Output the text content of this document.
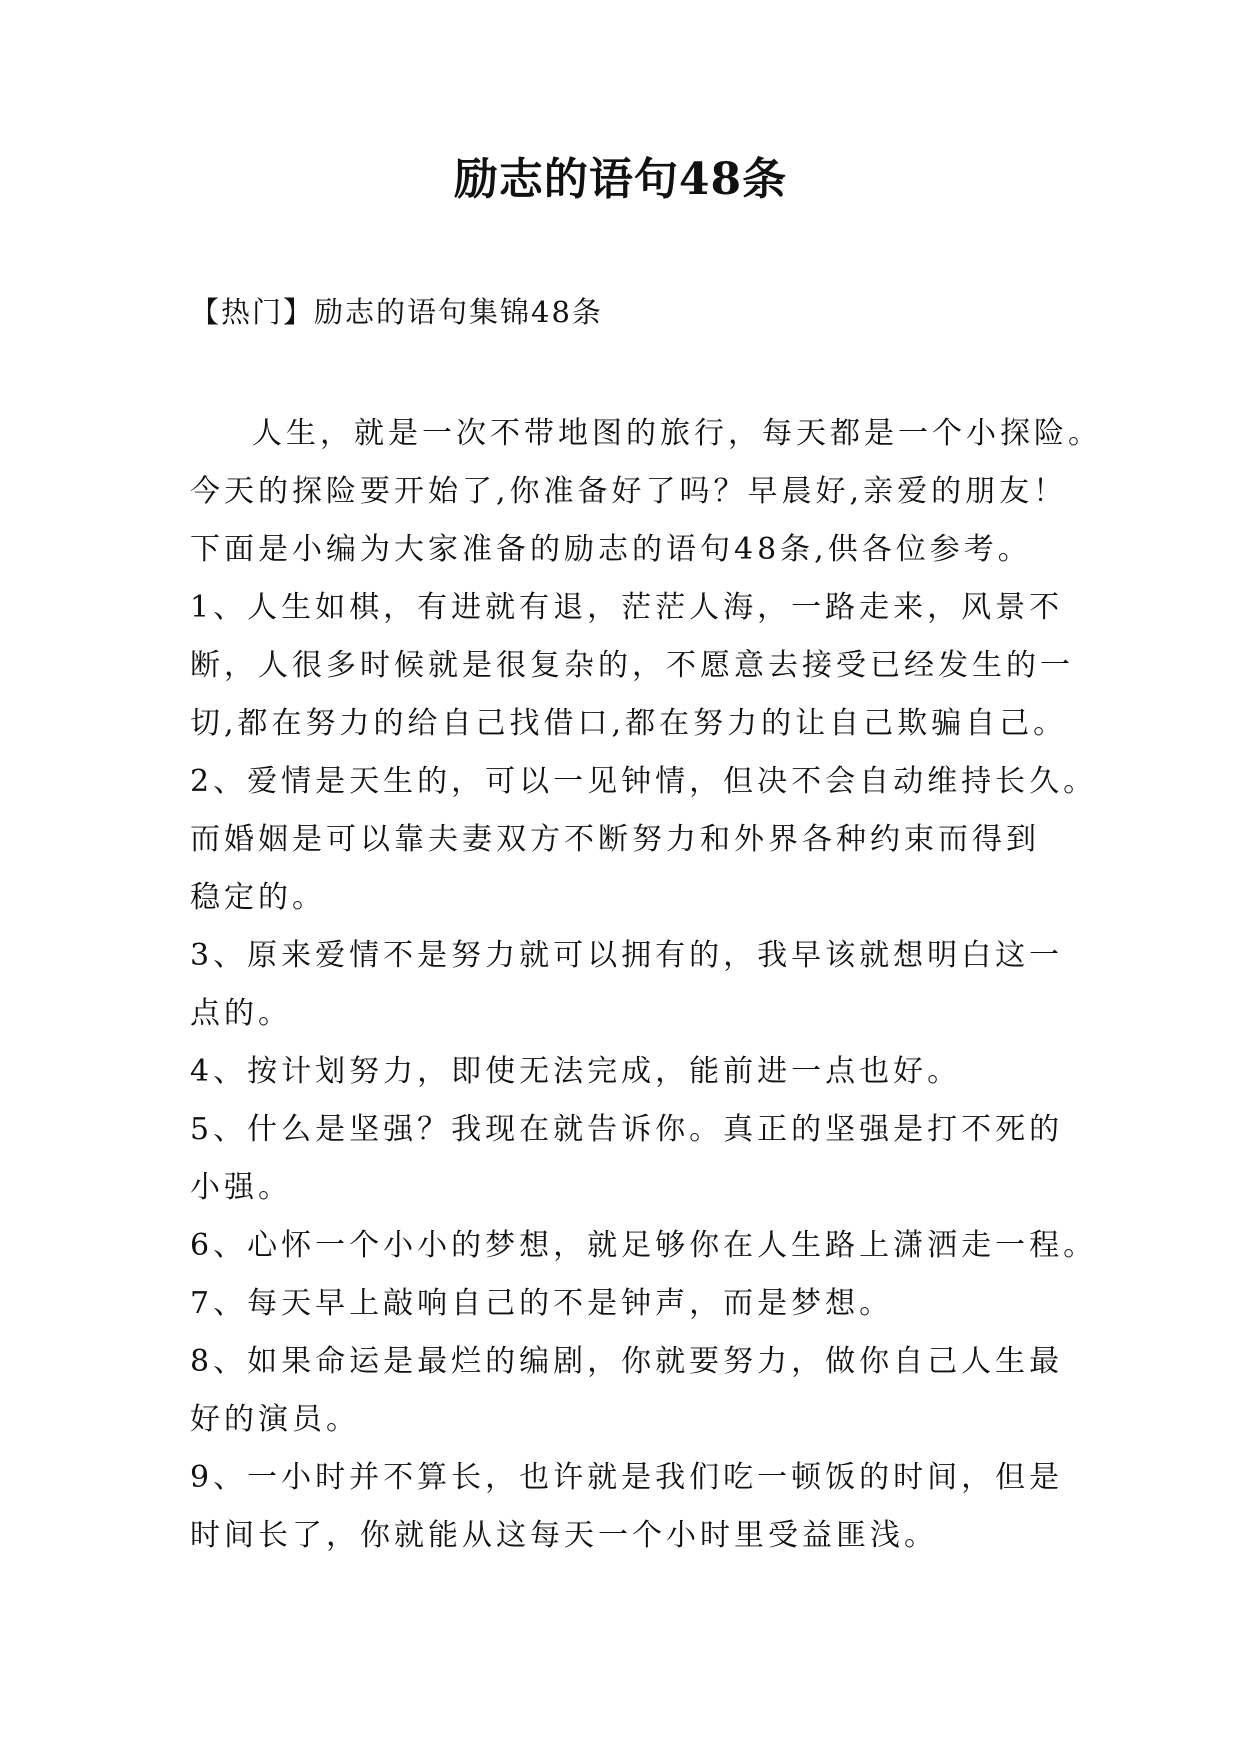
励志的语句48条

【热门】励志的语句集锦48条

人生，就是一次不带地图的旅行，每天都是一个小探险。
今天的探险要开始了,你准备好了吗？早晨好,亲爱的朋友！
下面是小编为大家准备的励志的语句48条,供各位参考。
1、人生如棋，有进就有退，茫茫人海，一路走来，风景不
断，人很多时候就是很复杂的，不愿意去接受已经发生的一
切,都在努力的给自己找借口,都在努力的让自己欺骗自己。
2、爱情是天生的，可以一见钟情，但决不会自动维持长久。
而婚姻是可以靠夫妻双方不断努力和外界各种约束而得到
稳定的。
3、原来爱情不是努力就可以拥有的，我早该就想明白这一
点的。
4、按计划努力，即使无法完成，能前进一点也好。
5、什么是坚强？我现在就告诉你。真正的坚强是打不死的
小强。
6、心怀一个小小的梦想，就足够你在人生路上潇洒走一程。
7、每天早上敲响自己的不是钟声，而是梦想。
8、如果命运是最烂的编剧，你就要努力，做你自己人生最
好的演员。
9、一小时并不算长，也许就是我们吃一顿饭的时间，但是
时间长了，你就能从这每天一个小时里受益匪浅。
